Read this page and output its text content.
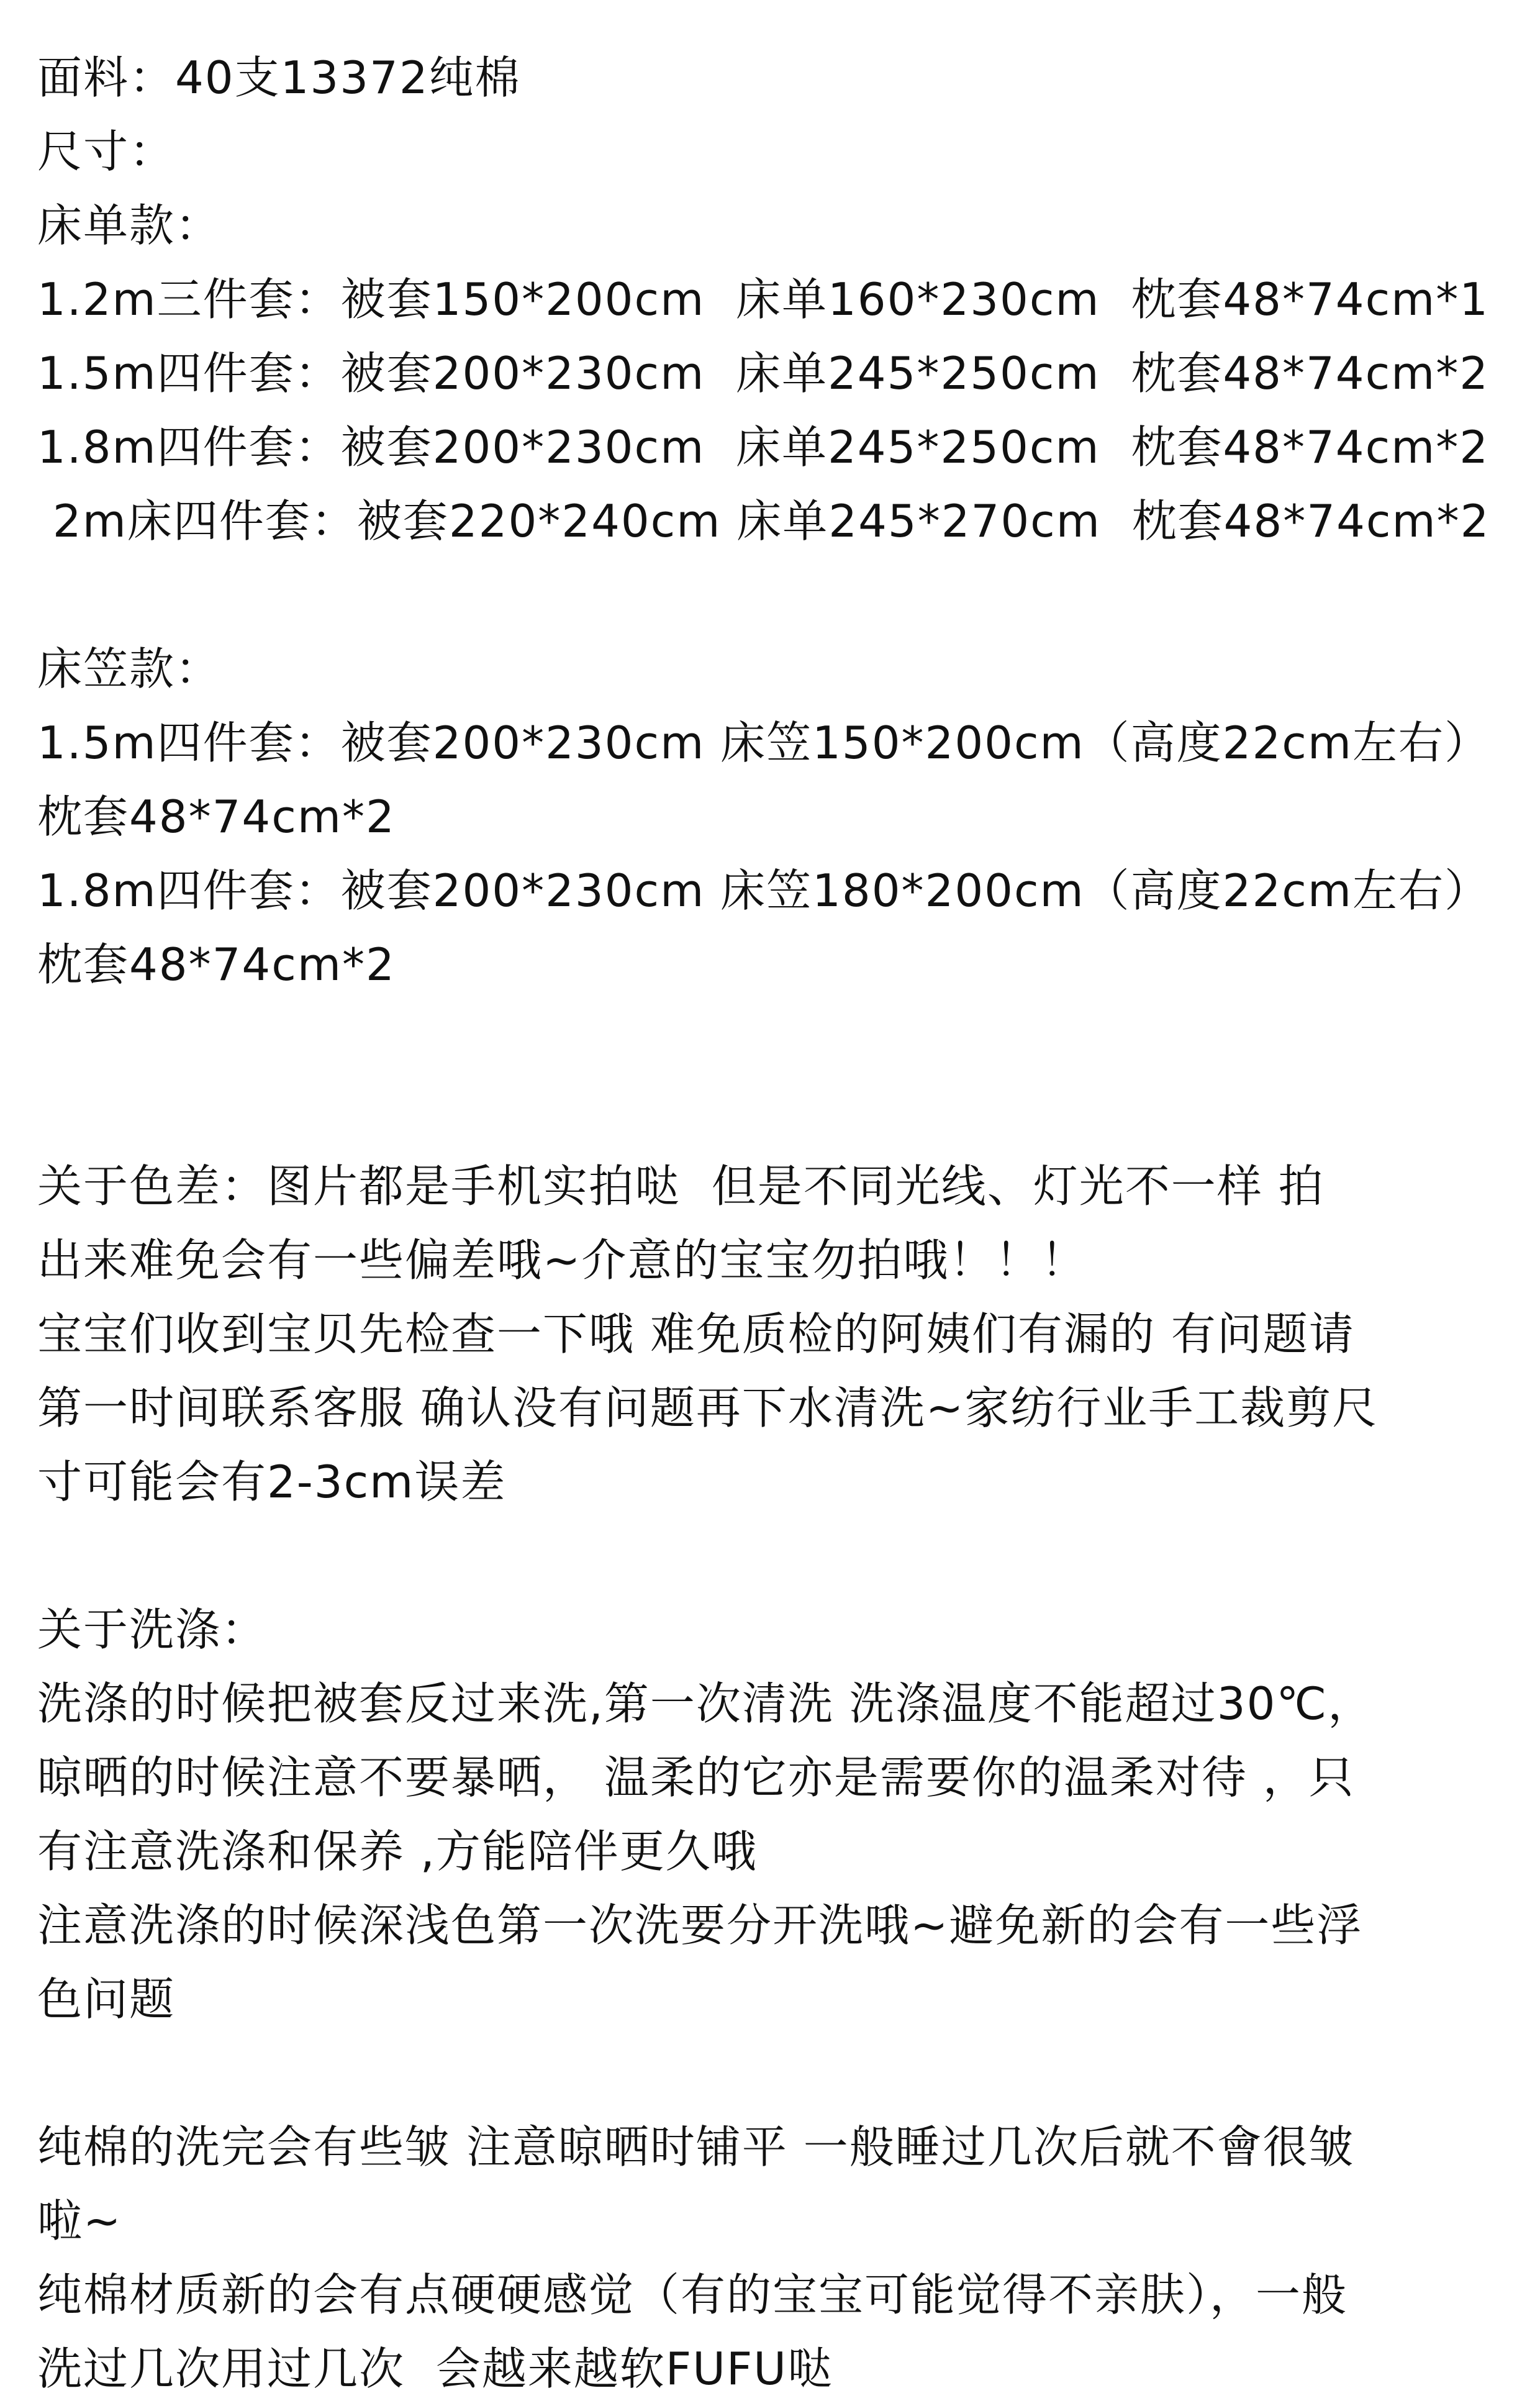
面料：40支13372纯棉
尺寸：
床单款：
1.2m三件套：被套150*200cm  床单160*230cm  枕套48*74cm*1
1.5m四件套：被套200*230cm  床单245*250cm  枕套48*74cm*2
1.8m四件套：被套200*230cm  床单245*250cm  枕套48*74cm*2
2m床四件套：被套220*240cm 床单245*270cm  枕套48*74cm*2
床笠款：
1.5m四件套：被套200*230cm 床笠150*200cm（高度22cm左右）
枕套48*74cm*2
1.8m四件套：被套200*230cm 床笠180*200cm（高度22cm左右）
枕套48*74cm*2
关于色差：图片都是手机实拍哒  但是不同光线、灯光不一样 拍
出来难免会有一些偏差哦~介意的宝宝勿拍哦！！！
宝宝们收到宝贝先检查一下哦 难免质检的阿姨们有漏的 有问题请
第一时间联系客服 确认没有问题再下水清洗~家纺行业手工裁剪尺
寸可能会有2-3cm误差
关于洗涤：
洗涤的时候把被套反过来洗,第一次清洗 洗涤温度不能超过30℃，
晾晒的时候注意不要暴晒， 温柔的它亦是需要你的温柔对待 ，只
有注意洗涤和保养 ,方能陪伴更久哦
注意洗涤的时候深浅色第一次洗要分开洗哦~避免新的会有一些浮
色问题
纯棉的洗完会有些皱 注意晾晒时铺平 一般睡过几次后就不會很皱
啦~
纯棉材质新的会有点硬硬感觉（有的宝宝可能觉得不亲肤），一般
洗过几次用过几次  会越来越软FUFU哒
